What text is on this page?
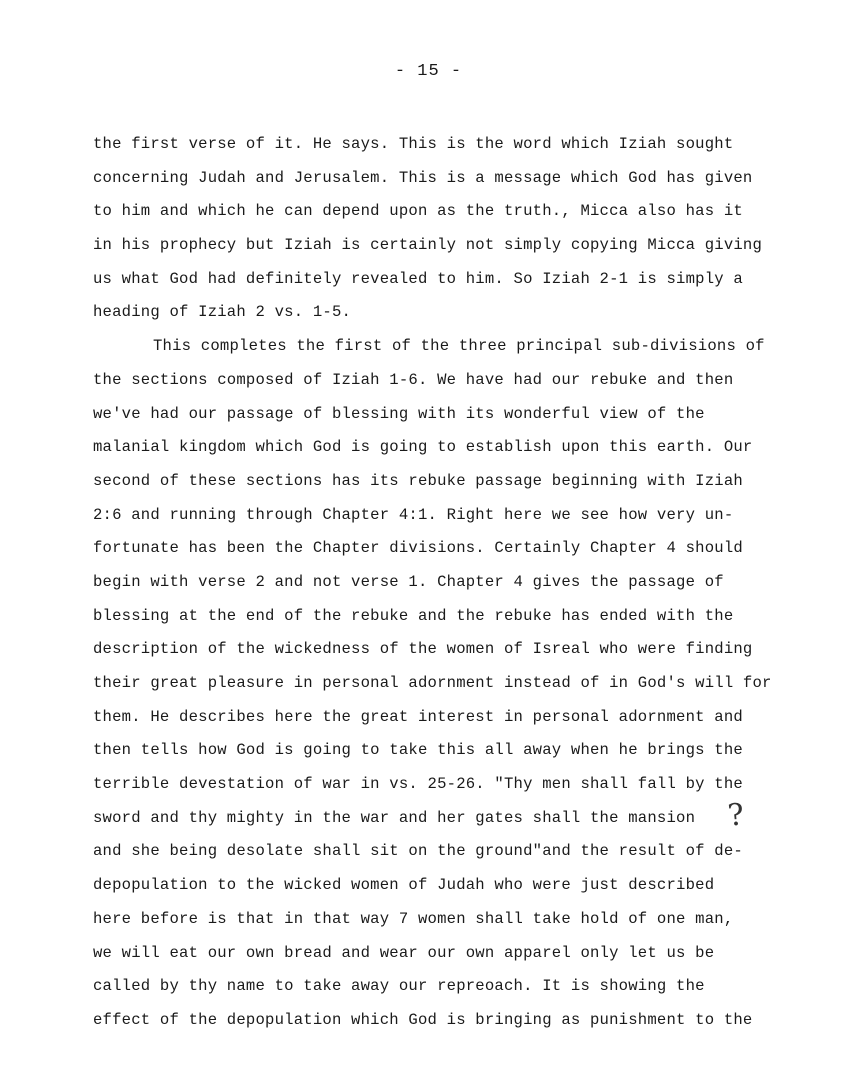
- 15 -
the first verse of it. He says. This is the word which Iziah sought
concerning Judah and Jerusalem. This is a message which God has given
to him and which he can depend upon as the truth., Micca also has it
in his prophecy but Iziah is certainly not simply copying Micca giving
us what God had definitely revealed to him. So Iziah 2-1 is simply a
heading of Iziah 2 vs. 1-5.
This completes the first of the three principal sub-divisions of
the sections composed of Iziah 1-6. We have had our rebuke and then
we've had our passage of blessing with its wonderful view of the
malanial kingdom which God is going to establish upon this earth. Our
second of these sections has its rebuke passage beginning with Iziah
2:6 and running through Chapter 4:1. Right here we see how very un-
fortunate has been the Chapter divisions. Certainly Chapter 4 should
begin with verse 2 and not verse 1. Chapter 4 gives the passage of
blessing at the end of the rebuke and the rebuke has ended with the
description of the wickedness of the women of Isreal who were finding
their great pleasure in personal adornment instead of in God's will for
them. He describes here the great interest in personal adornment and
then tells how God is going to take this all away when he brings the
terrible devestation of war in vs. 25-26. "Thy men shall fall by the
sword and thy mighty in the war and her gates shall the mansion
and she being desolate shall sit on the ground"and the result of de-
depopulation to the wicked women of Judah who were just described
here before is that in that way 7 women shall take hold of one man,
we will eat our own bread and wear our own apparel only let us be
called by thy name to take away our repreoach. It is showing the
effect of the depopulation which God is bringing as punishment to the
?
